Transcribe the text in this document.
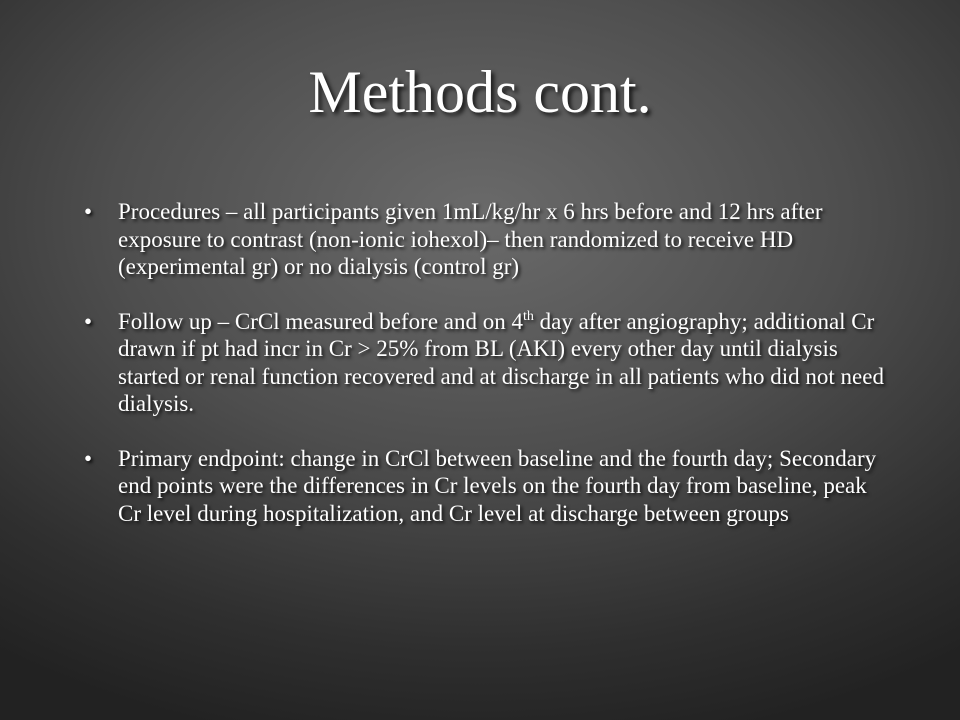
Methods cont.
• Procedures – all participants given 1mL/kg/hr x 6 hrs before and 12 hrs after exposure to contrast (non-ionic iohexol)– then randomized to receive HD (experimental gr) or no dialysis (control gr)
• Follow up – CrCl measured before and on 4th day after angiography; additional Cr drawn if pt had incr in Cr > 25% from BL (AKI) every other day until dialysis started or renal function recovered and at discharge in all patients who did not need dialysis.
• Primary endpoint: change in CrCl between baseline and the fourth day; Secondary end points were the differences in Cr levels on the fourth day from baseline, peak Cr level during hospitalization, and Cr level at discharge between groups
